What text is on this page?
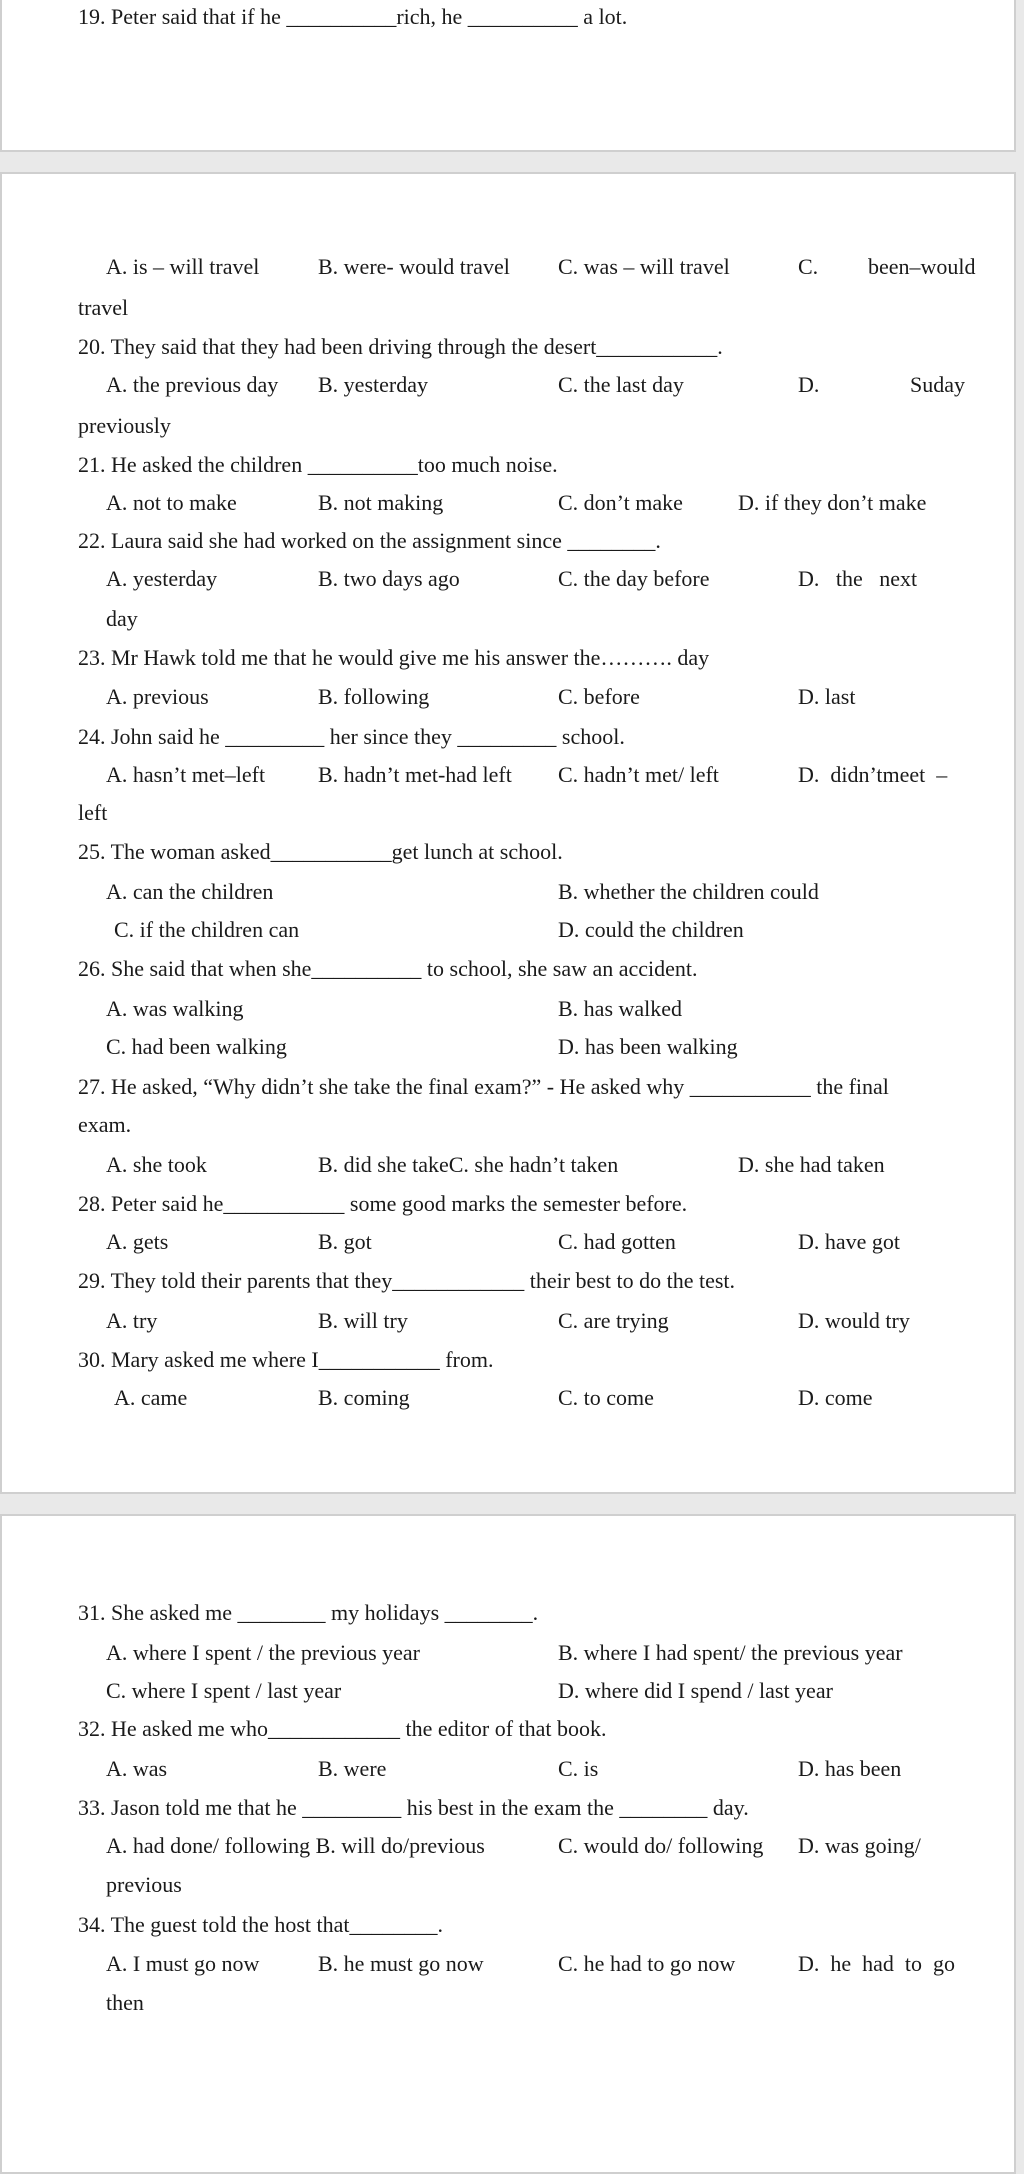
19. Peter said that if he __________rich, he __________ a lot.
A. is – will travel	B. were- would travel C. was – will travel	C. been–would
travel
20. They said that they had been driving through the desert___________.
A. the previous day B. yesterday	C. the last day	D.	Suday
previously
21. He asked the children __________too much noise.
A. not to make	B. not making	C. don’t make	D. if they don’t make
22. Laura said she had worked on the assignment since ________.
A. yesterday	B. two days ago	C. the day before	D.   the   next
day
23. Mr Hawk told me that he would give me his answer the………. day
A. previous	B. following	C. before	D. last
24. John said he _________ her since they _________ school.
A. hasn’t met–left B. hadn’t met-had left C. hadn’t met/ left	D.  didn’tmeet  –
left
25. The woman asked___________get lunch at school.
A. can the children	B. whether the children could
C. if the children can	D. could the children
26. She said that when she__________ to school, she saw an accident.
A. was walking	B. has walked
C. had been walking	D. has been walking
27. He asked, “Why didn’t she take the final exam?” - He asked why ___________ the final
exam.
A. she took	B. did she takeC. she hadn’t taken	D. she had taken
28. Peter said he___________ some good marks the semester before.
A. gets	B. got	C. had gotten	D. have got
29. They told their parents that they____________ their best to do the test.
A. try	B. will try	C. are trying	D. would try
30. Mary asked me where I___________ from.
A. came	B. coming	C. to come	D. come
31. She asked me ________ my holidays ________.
A. where I spent / the previous year	B. where I had spent/ the previous year
C. where I spent / last year	D. where did I spend / last year
32. He asked me who____________ the editor of that book.
A. was	B. were	C. is	D. has been
33. Jason told me that he _________ his best in the exam the ________ day.
A. had done/ following B. will do/previous	C. would do/ following D. was going/
previous
34. The guest told the host that________.
A. I must go now	B. he must go now	C. he had to go now	D.  he  had  to  go
then
